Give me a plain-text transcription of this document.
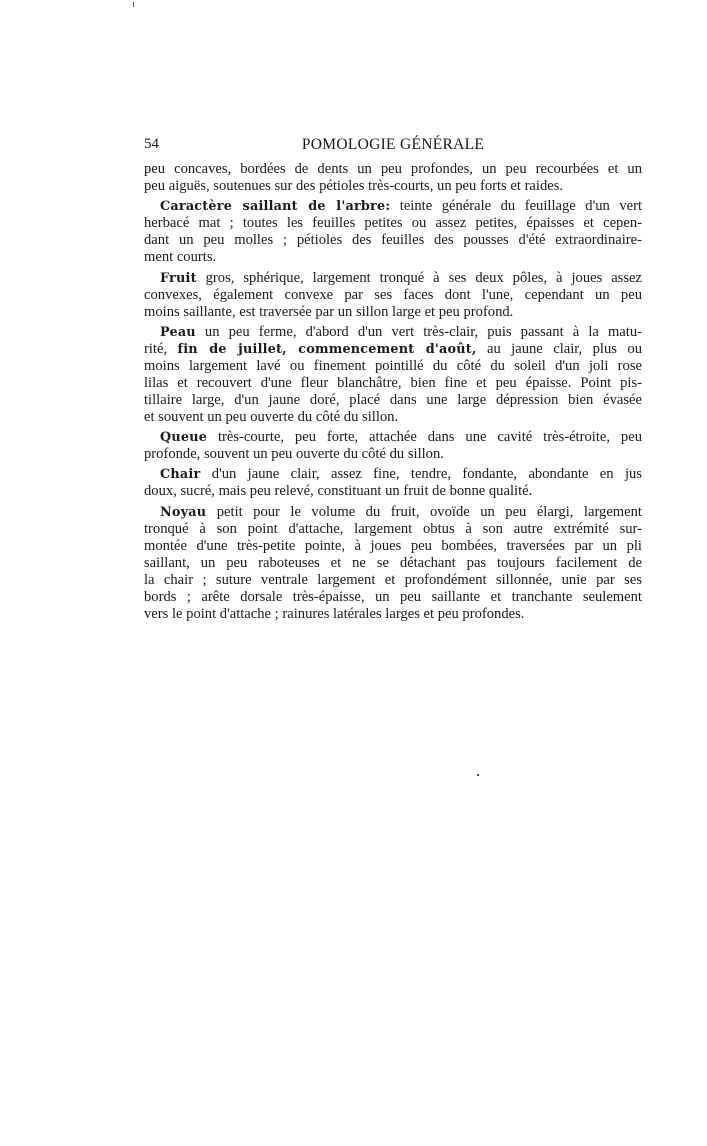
54	POMOLOGIE GÉNÉRALE
peu concaves, bordées de dents un peu profondes, un peu recourbées et un
peu aiguës, soutenues sur des pétioles très-courts, un peu forts et raides.
Caractère saillant de l'arbre: teinte générale du feuillage d'un vert
herbacé mat ; toutes les feuilles petites ou assez petites, épaisses et cepen-
dant un peu molles ; pétioles des feuilles des pousses d'été extraordinaire-
ment courts.
Fruit gros, sphérique, largement tronqué à ses deux pôles, à joues assez
convexes, également convexe par ses faces dont l'une, cependant un peu
moins saillante, est traversée par un sillon large et peu profond.
Peau un peu ferme, d'abord d'un vert très-clair, puis passant à la matu-
rité, fin de juillet, commencement d'août, au jaune clair, plus ou
moins largement lavé ou finement pointillé du côté du soleil d'un joli rose
lilas et recouvert d'une fleur blanchâtre, bien fine et peu épaisse. Point pis-
tillaire large, d'un jaune doré, placé dans une large dépression bien évasée
et souvent un peu ouverte du côté du sillon.
Queue très-courte, peu forte, attachée dans une cavité très-étroite, peu
profonde, souvent un peu ouverte du côté du sillon.
Chair d'un jaune clair, assez fine, tendre, fondante, abondante en jus
doux, sucré, mais peu relevé, constituant un fruit de bonne qualité.
Noyau petit pour le volume du fruit, ovoïde un peu élargi, largement
tronqué à son point d'attache, largement obtus à son autre extrémité sur-
montée d'une très-petite pointe, à joues peu bombées, traversées par un pli
saillant, un peu raboteuses et ne se détachant pas toujours facilement de
la chair ; suture ventrale largement et profondément sillonnée, unie par ses
bords ; arête dorsale très-épaisse, un peu saillante et tranchante seulement
vers le point d'attache ; rainures latérales larges et peu profondes.
